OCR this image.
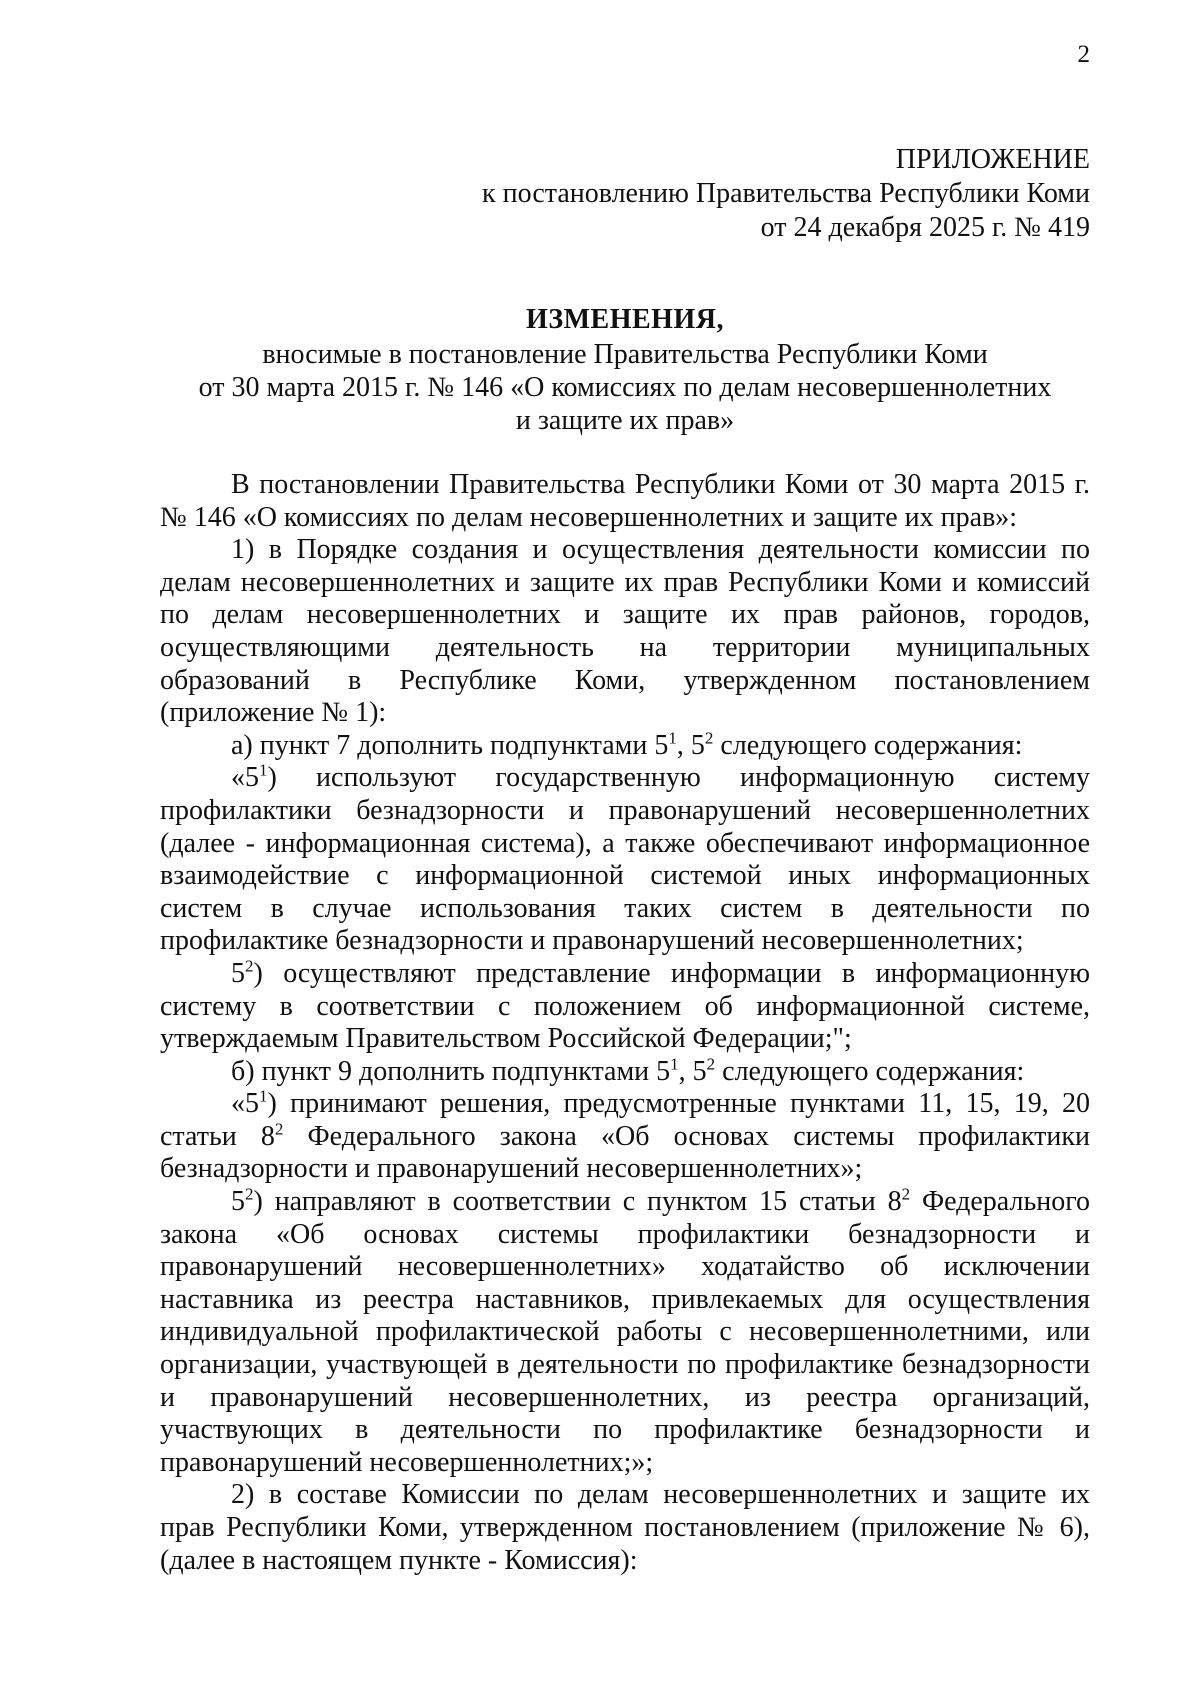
2
ПРИЛОЖЕНИЕ
к постановлению Правительства Республики Коми
от 24 декабря 2025 г. № 419
ИЗМЕНЕНИЯ,
вносимые в постановление Правительства Республики Коми
от 30 марта 2015 г. № 146 «О комиссиях по делам несовершеннолетних
и защите их прав»
В постановлении Правительства Республики Коми от 30 марта 2015 г.
№ 146 «О комиссиях по делам несовершеннолетних и защите их прав»:
1) в Порядке создания и осуществления деятельности комиссии по
делам несовершеннолетних и защите их прав Республики Коми и комиссий
по делам несовершеннолетних и защите их прав районов, городов,
осуществляющими деятельность на территории муниципальных
образований в Республике Коми, утвержденном постановлением
(приложение № 1):
а) пункт 7 дополнить подпунктами $5^1$, $5^2$ следующего содержания:
«$5^1$) используют государственную информационную систему
профилактики безнадзорности и правонарушений несовершеннолетних
(далее - информационная система), а также обеспечивают информационное
взаимодействие с информационной системой иных информационных
систем в случае использования таких систем в деятельности по
профилактике безнадзорности и правонарушений несовершеннолетних;
$5^2$) осуществляют представление информации в информационную
систему в соответствии с положением об информационной системе,
утверждаемым Правительством Российской Федерации;";
б) пункт 9 дополнить подпунктами $5^1$, $5^2$ следующего содержания:
«$5^1$) принимают решения, предусмотренные пунктами 11, 15, 19, 20
статьи $8^2$ Федерального закона «Об основах системы профилактики
безнадзорности и правонарушений несовершеннолетних»;
$5^2$) направляют в соответствии с пунктом 15 статьи $8^2$ Федерального
закона «Об основах системы профилактики безнадзорности и
правонарушений несовершеннолетних» ходатайство об исключении
наставника из реестра наставников, привлекаемых для осуществления
индивидуальной профилактической работы с несовершеннолетними, или
организации, участвующей в деятельности по профилактике безнадзорности
и правонарушений несовершеннолетних, из реестра организаций,
участвующих в деятельности по профилактике безнадзорности и
правонарушений несовершеннолетних;»;
2) в составе Комиссии по делам несовершеннолетних и защите их
прав Республики Коми, утвержденном постановлением (приложение № 6),
(далее в настоящем пункте - Комиссия):
